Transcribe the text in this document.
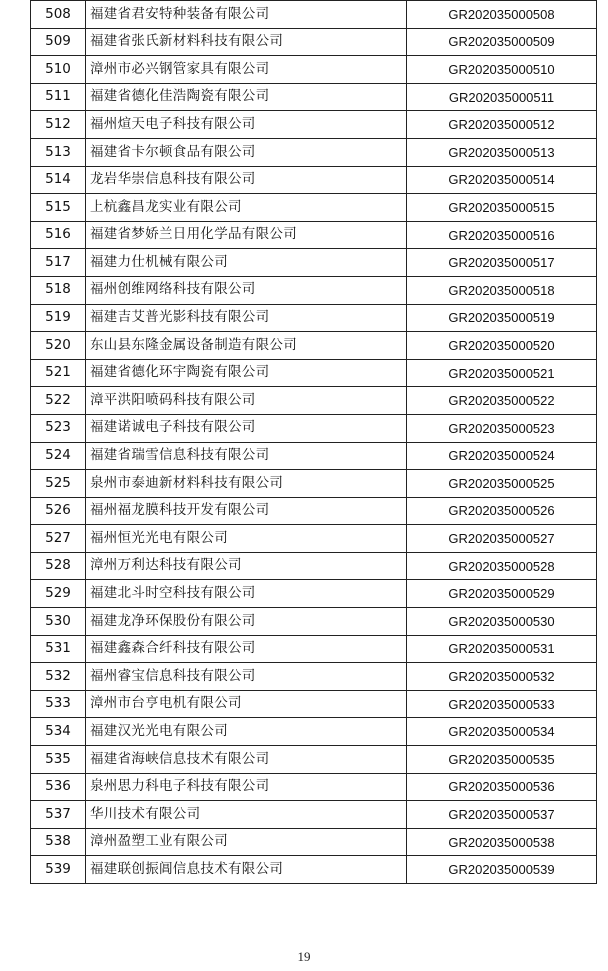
508	福建省君安特种装备有限公司	GR202035000508
509	福建省张氏新材料科技有限公司	GR202035000509
510	漳州市必兴钢管家具有限公司	GR202035000510
511	福建省德化佳浩陶瓷有限公司	GR202035000511
512	福州煊天电子科技有限公司	GR202035000512
513	福建省卡尔顿食品有限公司	GR202035000513
514	龙岩华崇信息科技有限公司	GR202035000514
515	上杭鑫昌龙实业有限公司	GR202035000515
516	福建省梦娇兰日用化学品有限公司	GR202035000516
517	福建力仕机械有限公司	GR202035000517
518	福州创维网络科技有限公司	GR202035000518
519	福建吉艾普光影科技有限公司	GR202035000519
520	东山县东隆金属设备制造有限公司	GR202035000520
521	福建省德化环宇陶瓷有限公司	GR202035000521
522	漳平洪阳喷码科技有限公司	GR202035000522
523	福建诺诚电子科技有限公司	GR202035000523
524	福建省瑞雪信息科技有限公司	GR202035000524
525	泉州市泰迪新材料科技有限公司	GR202035000525
526	福州福龙膜科技开发有限公司	GR202035000526
527	福州恒光光电有限公司	GR202035000527
528	漳州万利达科技有限公司	GR202035000528
529	福建北斗时空科技有限公司	GR202035000529
530	福建龙净环保股份有限公司	GR202035000530
531	福建鑫森合纤科技有限公司	GR202035000531
532	福州睿宝信息科技有限公司	GR202035000532
533	漳州市台亨电机有限公司	GR202035000533
534	福建汉光光电有限公司	GR202035000534
535	福建省海峡信息技术有限公司	GR202035000535
536	泉州思力科电子科技有限公司	GR202035000536
537	华川技术有限公司	GR202035000537
538	漳州盈塑工业有限公司	GR202035000538
539	福建联创振阊信息技术有限公司	GR202035000539
19
